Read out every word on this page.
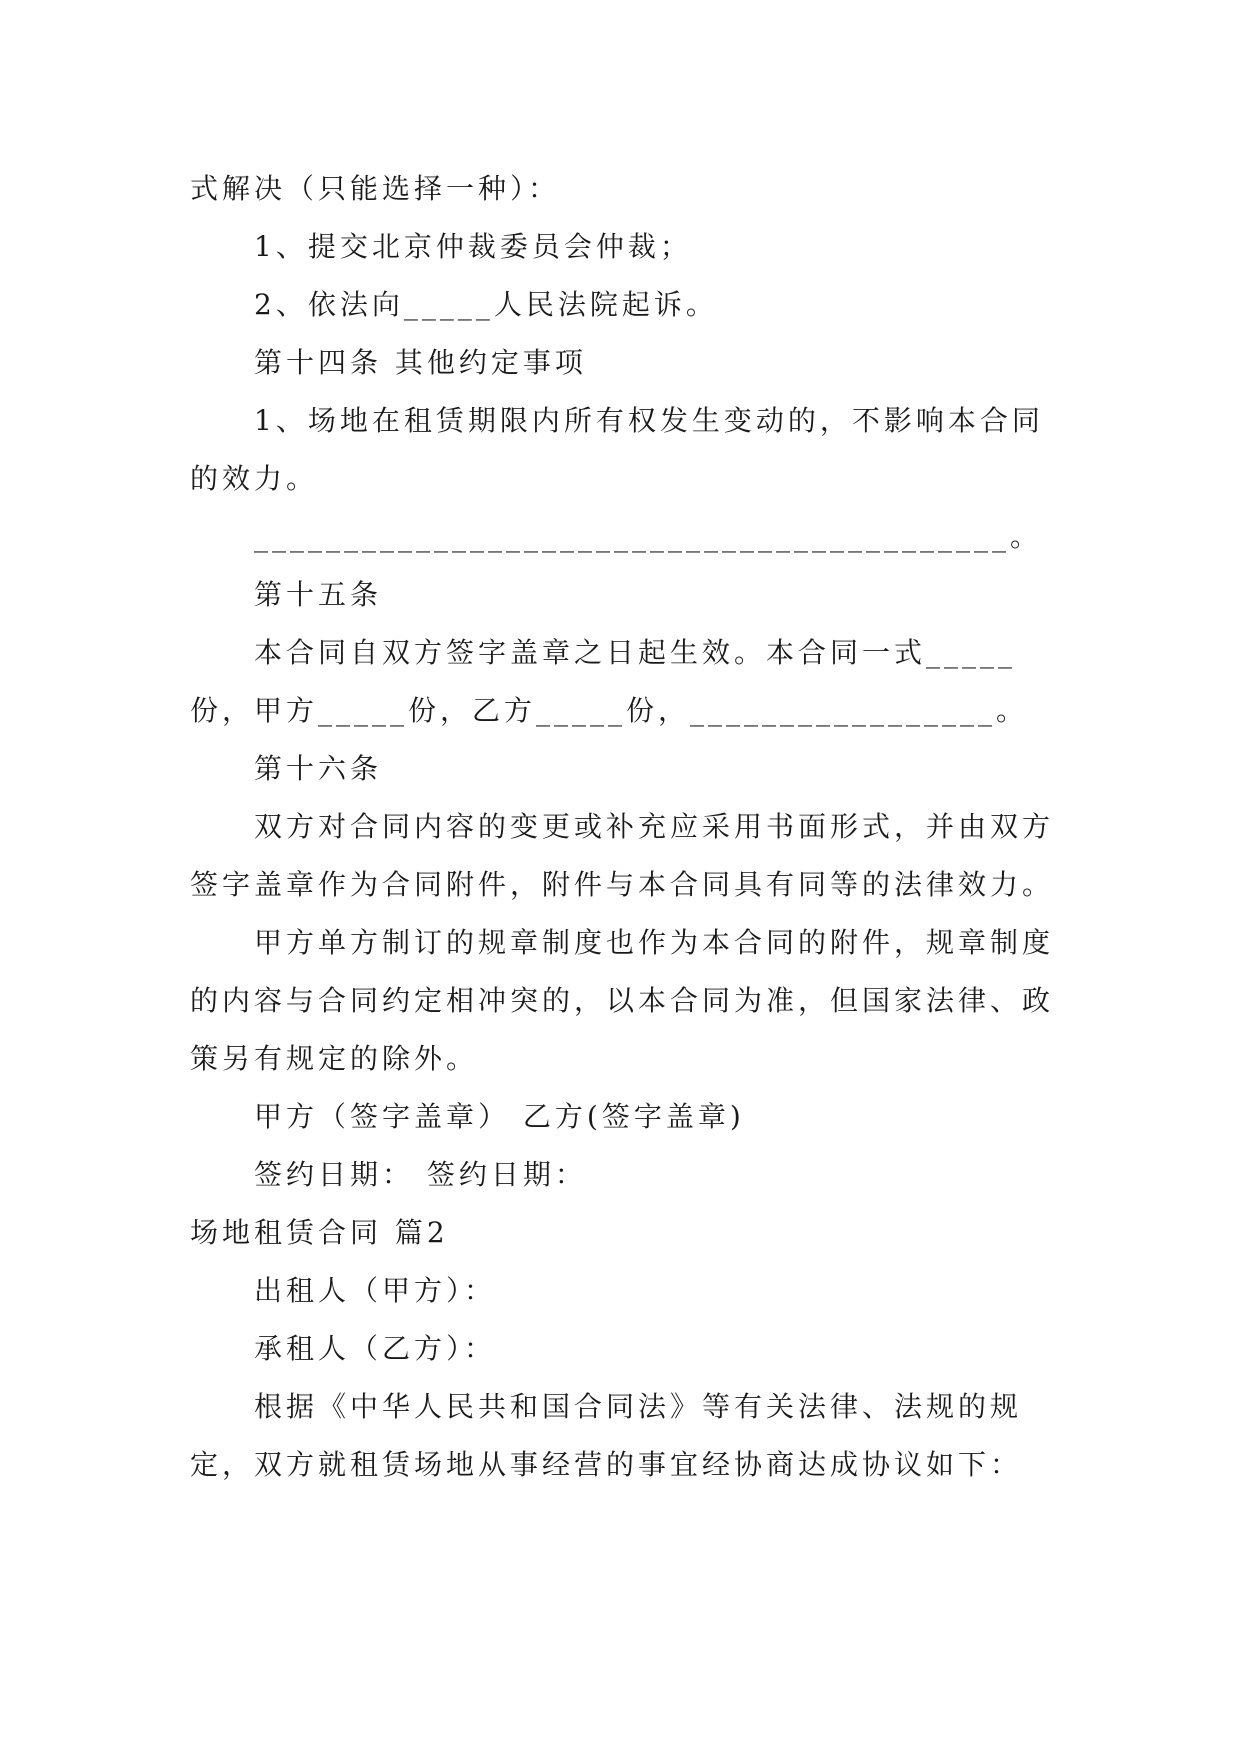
式解决（只能选择一种）：

1、提交北京仲裁委员会仲裁；

2、依法向_____人民法院起诉。

第十四条 其他约定事项

1、场地在租赁期限内所有权发生变动的，不影响本合同的效力。

__________________________________________。

第十五条

本合同自双方签字盖章之日起生效。本合同一式_____份，甲方_____份，乙方_____份，_________________。

第十六条

双方对合同内容的变更或补充应采用书面形式，并由双方签字盖章作为合同附件，附件与本合同具有同等的法律效力。

甲方单方制订的规章制度也作为本合同的附件，规章制度的内容与合同约定相冲突的，以本合同为准，但国家法律、政策另有规定的除外。

甲方（签字盖章） 乙方(签字盖章)

签约日期： 签约日期：

场地租赁合同 篇2

出租人（甲方）：

承租人（乙方）：

根据《中华人民共和国合同法》等有关法律、法规的规定，双方就租赁场地从事经营的事宜经协商达成协议如下：
